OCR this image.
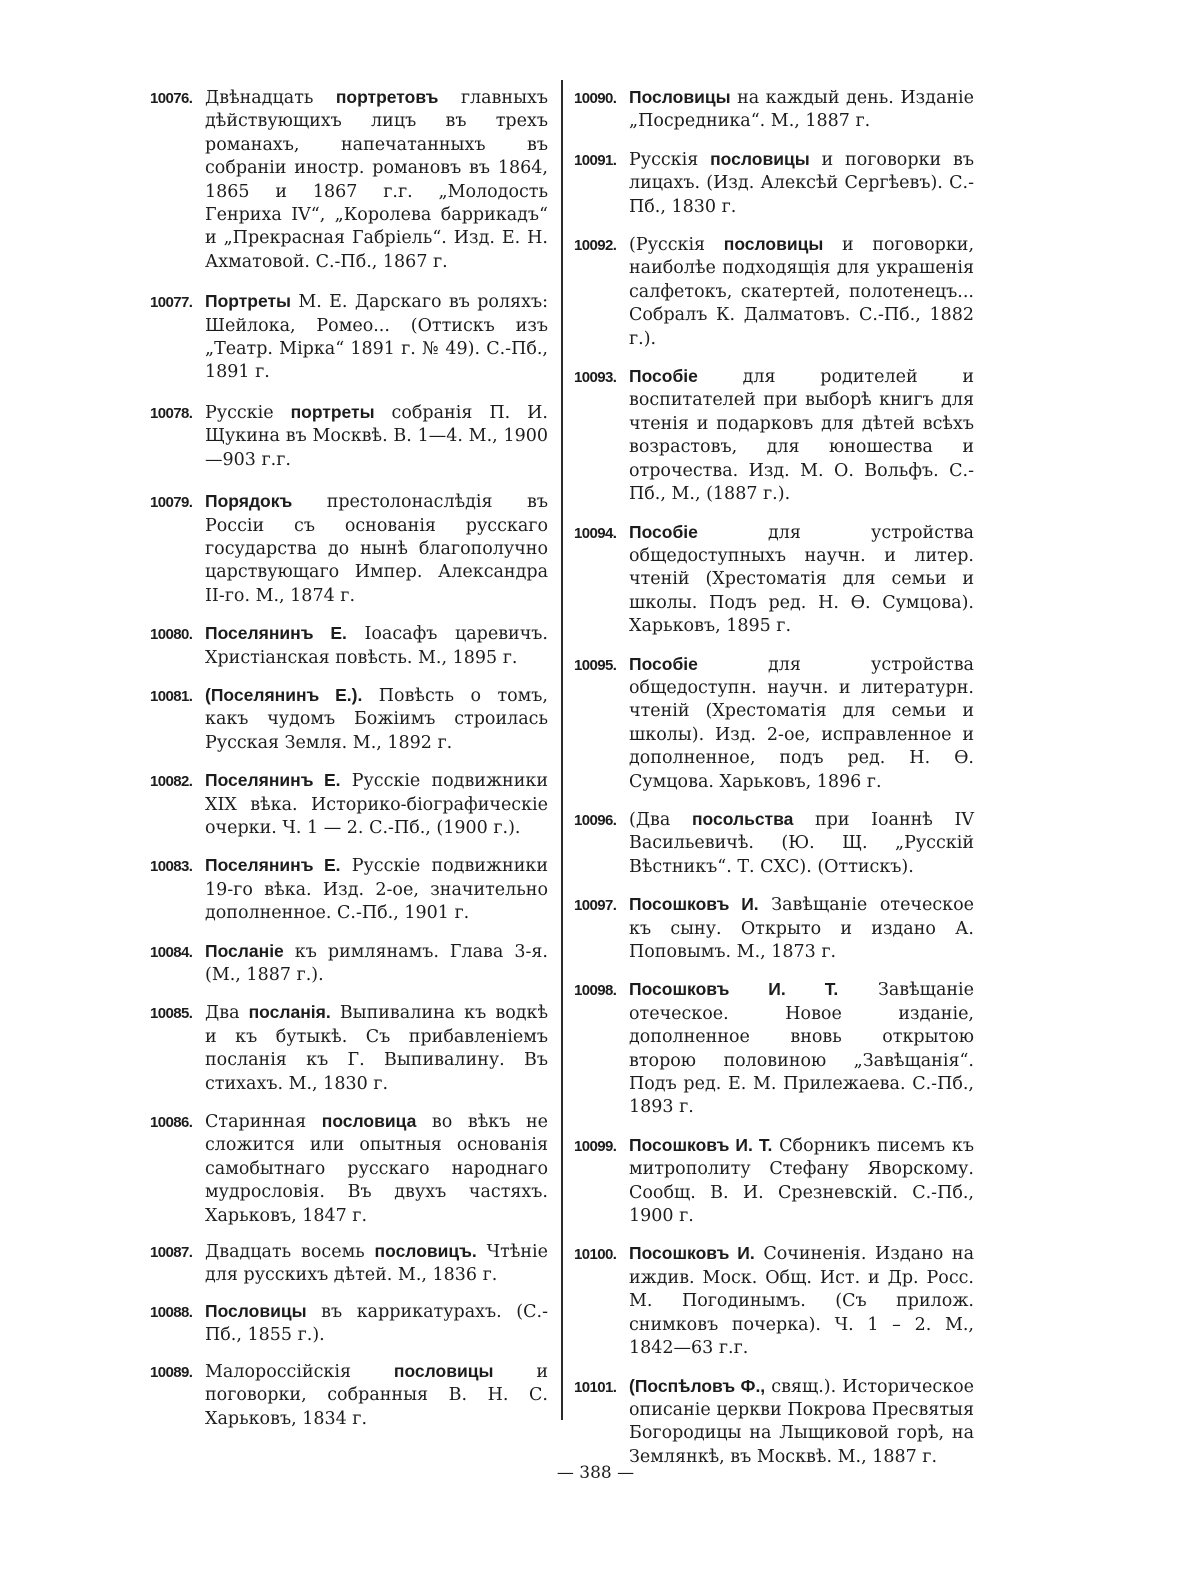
10076. Двѣнадцать портретовъ главныхъ дѣйствующихъ лицъ въ трехъ романахъ, напечатанныхъ въ собраніи иностр. романовъ въ 1864, 1865 и 1867 г.г. „Молодость Генриха IV“, „Королева баррикадъ“ и „Прекрасная Габріель“. Изд. Е. Н. Ахматовой. С.-Пб., 1867 г.
10077. Портреты М. Е. Дарскаго въ роляхъ: Шейлока, Ромео... (Оттискъ изъ „Театр. Мірка“ 1891 г. № 49). С.-Пб., 1891 г.
10078. Русскіе портреты собранія П. И. Щукина въ Москвѣ. В. 1—4. М., 1900—903 г.г.
10079. Порядокъ престолонаслѣдія въ Россіи съ основанія русскаго государства до нынѣ благополучно царствующаго Импер. Александра II-го. М., 1874 г.
10080. Поселянинъ Е. Іоасафъ царевичъ. Христіанская повѣсть. М., 1895 г.
10081. (Поселянинъ Е.). Повѣсть о томъ, какъ чудомъ Божіимъ строилась Русская Земля. М., 1892 г.
10082. Поселянинъ Е. Русскіе подвижники XIX вѣка. Историко-біографическіе очерки. Ч. 1 — 2. С.-Пб., (1900 г.).
10083. Поселянинъ Е. Русскіе подвижники 19-го вѣка. Изд. 2-ое, значительно дополненное. С.-Пб., 1901 г.
10084. Посланіе къ римлянамъ. Глава 3-я. (М., 1887 г.).
10085. Два посланія. Выпивалина къ водкѣ и къ бутыкѣ. Съ прибавленіемъ посланія къ Г. Выпивалину. Въ стихахъ. М., 1830 г.
10086. Старинная пословица во вѣкъ не сложится или опытныя основанія самобытнаго русскаго народнаго мудрословія. Въ двухъ частяхъ. Харьковъ, 1847 г.
10087. Двадцать восемь пословицъ. Чтѣніе для русскихъ дѣтей. М., 1836 г.
10088. Пословицы въ каррикатурахъ. (С.-Пб., 1855 г.).
10089. Малороссійскія пословицы и поговорки, собранныя В. Н. С. Харьковъ, 1834 г.
10090. Пословицы на каждый день. Изданіе „Посредника“. М., 1887 г.
10091. Русскія пословицы и поговорки въ лицахъ. (Изд. Алексѣй Сергѣевъ). С.-Пб., 1830 г.
10092. (Русскія пословицы и поговорки, наиболѣе подходящія для украшенія салфетокъ, скатертей, полотенецъ... Собралъ К. Далматовъ. С.-Пб., 1882 г.).
10093. Пособіе для родителей и воспитателей при выборѣ книгъ для чтенія и подарковъ для дѣтей всѣхъ возрастовъ, для юношества и отрочества. Изд. М. О. Вольфъ. С.-Пб., М., (1887 г.).
10094. Пособіе для устройства общедоступныхъ научн. и литер. чтеній (Хрестоматія для семьи и школы. Подъ ред. Н. Ѳ. Сумцова). Харьковъ, 1895 г.
10095. Пособіе для устройства общедоступн. научн. и литературн. чтеній (Хрестоматія для семьи и школы). Изд. 2-ое, исправленное и дополненное, подъ ред. Н. Ѳ. Сумцова. Харьковъ, 1896 г.
10096. (Два посольства при Іоаннѣ IV Васильевичѣ. (Ю. Щ. „Русскій Вѣстникъ“. Т. СХС). (Оттискъ).
10097. Посошковъ И. Завѣщаніе отеческое къ сыну. Открыто и издано А. Поповымъ. М., 1873 г.
10098. Посошковъ И. Т. Завѣщаніе отеческое. Новое изданіе, дополненное вновь открытою второю половиною „Завѣщанія“. Подъ ред. Е. М. Прилежаева. С.-Пб., 1893 г.
10099. Посошковъ И. Т. Сборникъ писемъ къ митрополиту Стефану Яворскому. Сообщ. В. И. Срезневскій. С.-Пб., 1900 г.
10100. Посошковъ И. Сочиненія. Издано на иждив. Моск. Общ. Ист. и Др. Росс. М. Погодинымъ. (Съ прилож. снимковъ почерка). Ч. 1 – 2. М., 1842—63 г.г.
10101. (Поспѣловъ Ф., свящ.). Историческое описаніе церкви Покрова Пресвятыя Богородицы на Лыщиковой горѣ, на Землянкѣ, въ Москвѣ. М., 1887 г.
— 388 —
